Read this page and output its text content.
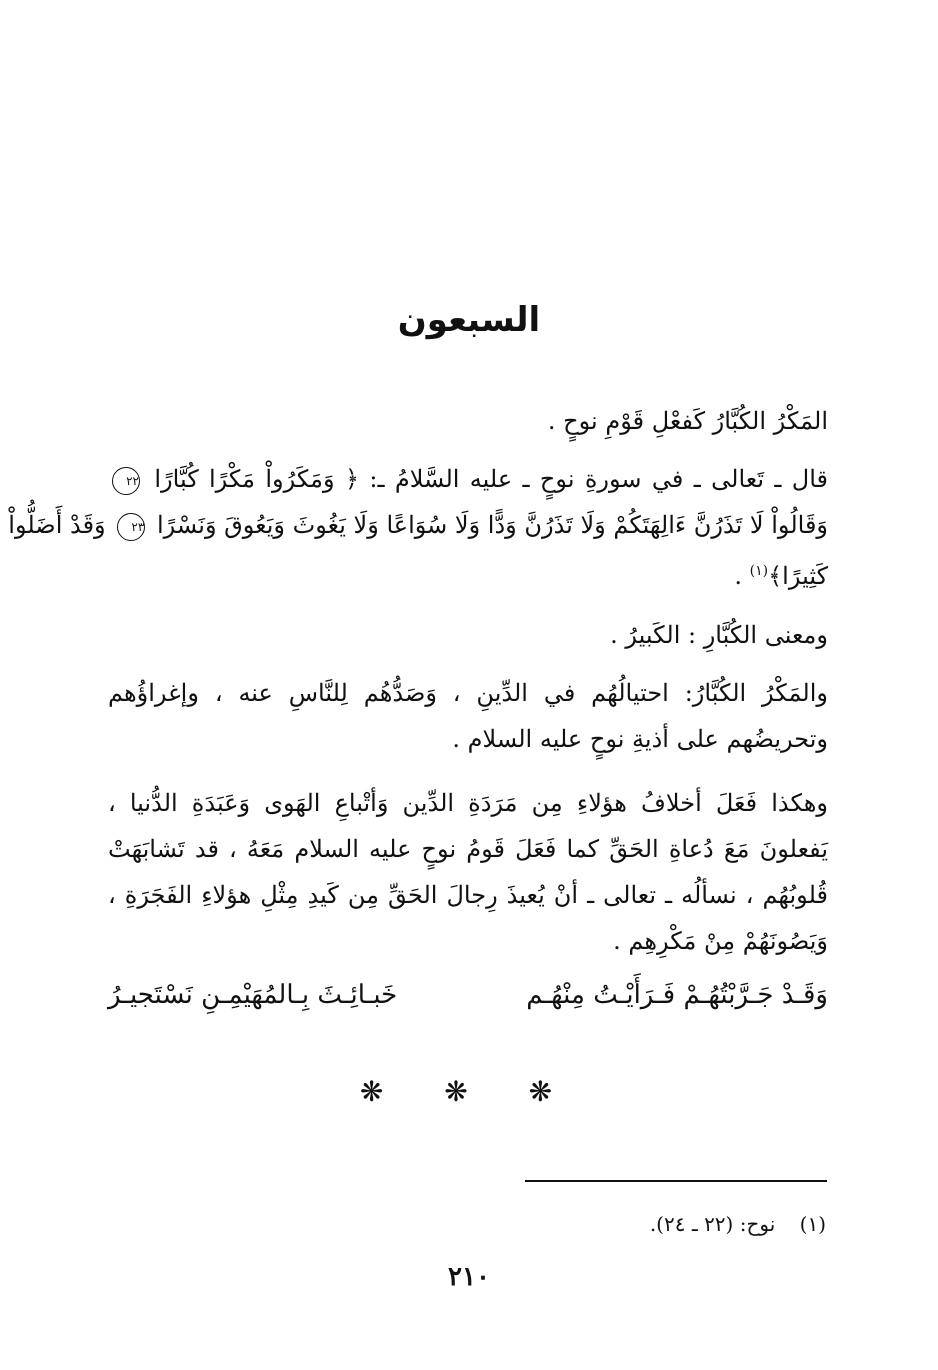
السبعون
المَكْرُ الكُبَّارُ كَفعْلِ قَوْمِ نوحٍ .
قال ـ تَعالى ـ في سورةِ نوحٍ ـ عليه السَّلامُ ـ: ﴿ وَمَكَرُواْ مَكْرًا كُبَّارًا ٢٢
وَقَالُواْ لَا تَذَرُنَّ ءَالِهَتَكُمْ وَلَا تَذَرُنَّ وَدًّا وَلَا سُوَاعًا وَلَا يَغُوثَ وَيَعُوقَ وَنَسْرًا ٢٣ وَقَدْ أَضَلُّواْ
كَثِيرًا﴾$^{(١)}$ .
ومعنى الكُبَّارِ : الكَبيرُ .
والمَكْرُ الكُبَّارُ: احتيالُهُم في الدِّينِ ، وَصَدُّهُم لِلنَّاسِ عنه ، وإغراؤُهم
وتحريضُهم على أذيةِ نوحٍ عليه السلام .
وهكذا فَعَلَ أخلافُ هؤلاءِ مِن مَرَدَةِ الدِّين وَأتْباعِ الهَوى وَعَبَدَةِ الدُّنيا ،
يَفعلونَ مَعَ دُعاةِ الحَقِّ كما فَعَلَ قَومُ نوحٍ عليه السلام مَعَهُ ، قد تَشابَهَتْ
قُلوبُهُم ، نسألُه ـ تعالى ـ أنْ يُعيذَ رِجالَ الحَقِّ مِن كَيدِ مِثْلِ هؤلاءِ الفَجَرَةِ ،
وَيَصُونَهُمْ مِنْ مَكْرِهِم .
وَقَـدْ جَـرَّبْتُهُـمْ فَـرَأَيْـتُ مِنْهُـم
خَبـائِـثَ بِـالمُهَيْمِـنِ نَسْتَجيـرُ
❋ ❋ ❋
(١) نوح: (٢٢ ـ ٢٤).
٢١٠
